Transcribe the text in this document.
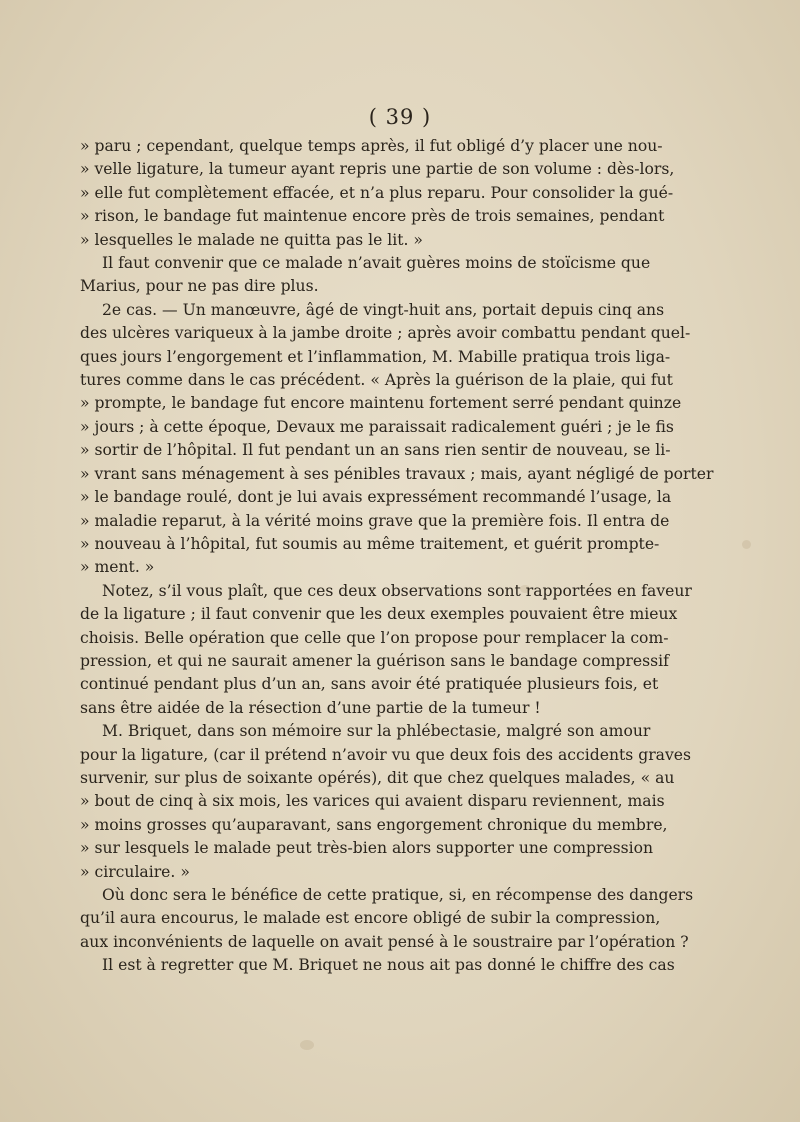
( 39 )
» paru ; cependant, quelque temps après, il fut obligé d’y placer une nou-
» velle ligature, la tumeur ayant repris une partie de son volume : dès-lors,
» elle fut complètement effacée, et n’a plus reparu. Pour consolider la gué-
» rison, le bandage fut maintenue encore près de trois semaines, pendant
» lesquelles le malade ne quitta pas le lit. »
Il faut convenir que ce malade n’avait guères moins de stoïcisme que
Marius, pour ne pas dire plus.
2e cas. — Un manœuvre, âgé de vingt-huit ans, portait depuis cinq ans
des ulcères variqueux à la jambe droite ; après avoir combattu pendant quel-
ques jours l’engorgement et l’inflammation, M. Mabille pratiqua trois liga-
tures comme dans le cas précédent. « Après la guérison de la plaie, qui fut
» prompte, le bandage fut encore maintenu fortement serré pendant quinze
» jours ; à cette époque, Devaux me paraissait radicalement guéri ; je le fis
» sortir de l’hôpital. Il fut pendant un an sans rien sentir de nouveau, se li-
» vrant sans ménagement à ses pénibles travaux ; mais, ayant négligé de porter
» le bandage roulé, dont je lui avais expressément recommandé l’usage, la
» maladie reparut, à la vérité moins grave que la première fois. Il entra de
» nouveau à l’hôpital, fut soumis au même traitement, et guérit prompte-
» ment. »
Notez, s’il vous plaît, que ces deux observations sont rapportées en faveur
de la ligature ; il faut convenir que les deux exemples pouvaient être mieux
choisis. Belle opération que celle que l’on propose pour remplacer la com-
pression, et qui ne saurait amener la guérison sans le bandage compressif
continué pendant plus d’un an, sans avoir été pratiquée plusieurs fois, et
sans être aidée de la résection d’une partie de la tumeur !
M. Briquet, dans son mémoire sur la phlébectasie, malgré son amour
pour la ligature, (car il prétend n’avoir vu que deux fois des accidents graves
survenir, sur plus de soixante opérés), dit que chez quelques malades, « au
» bout de cinq à six mois, les varices qui avaient disparu reviennent, mais
» moins grosses qu’auparavant, sans engorgement chronique du membre,
» sur lesquels le malade peut très-bien alors supporter une compression
» circulaire. »
Où donc sera le bénéfice de cette pratique, si, en récompense des dangers
qu’il aura encourus, le malade est encore obligé de subir la compression,
aux inconvénients de laquelle on avait pensé à le soustraire par l’opération ?
Il est à regretter que M. Briquet ne nous ait pas donné le chiffre des cas
